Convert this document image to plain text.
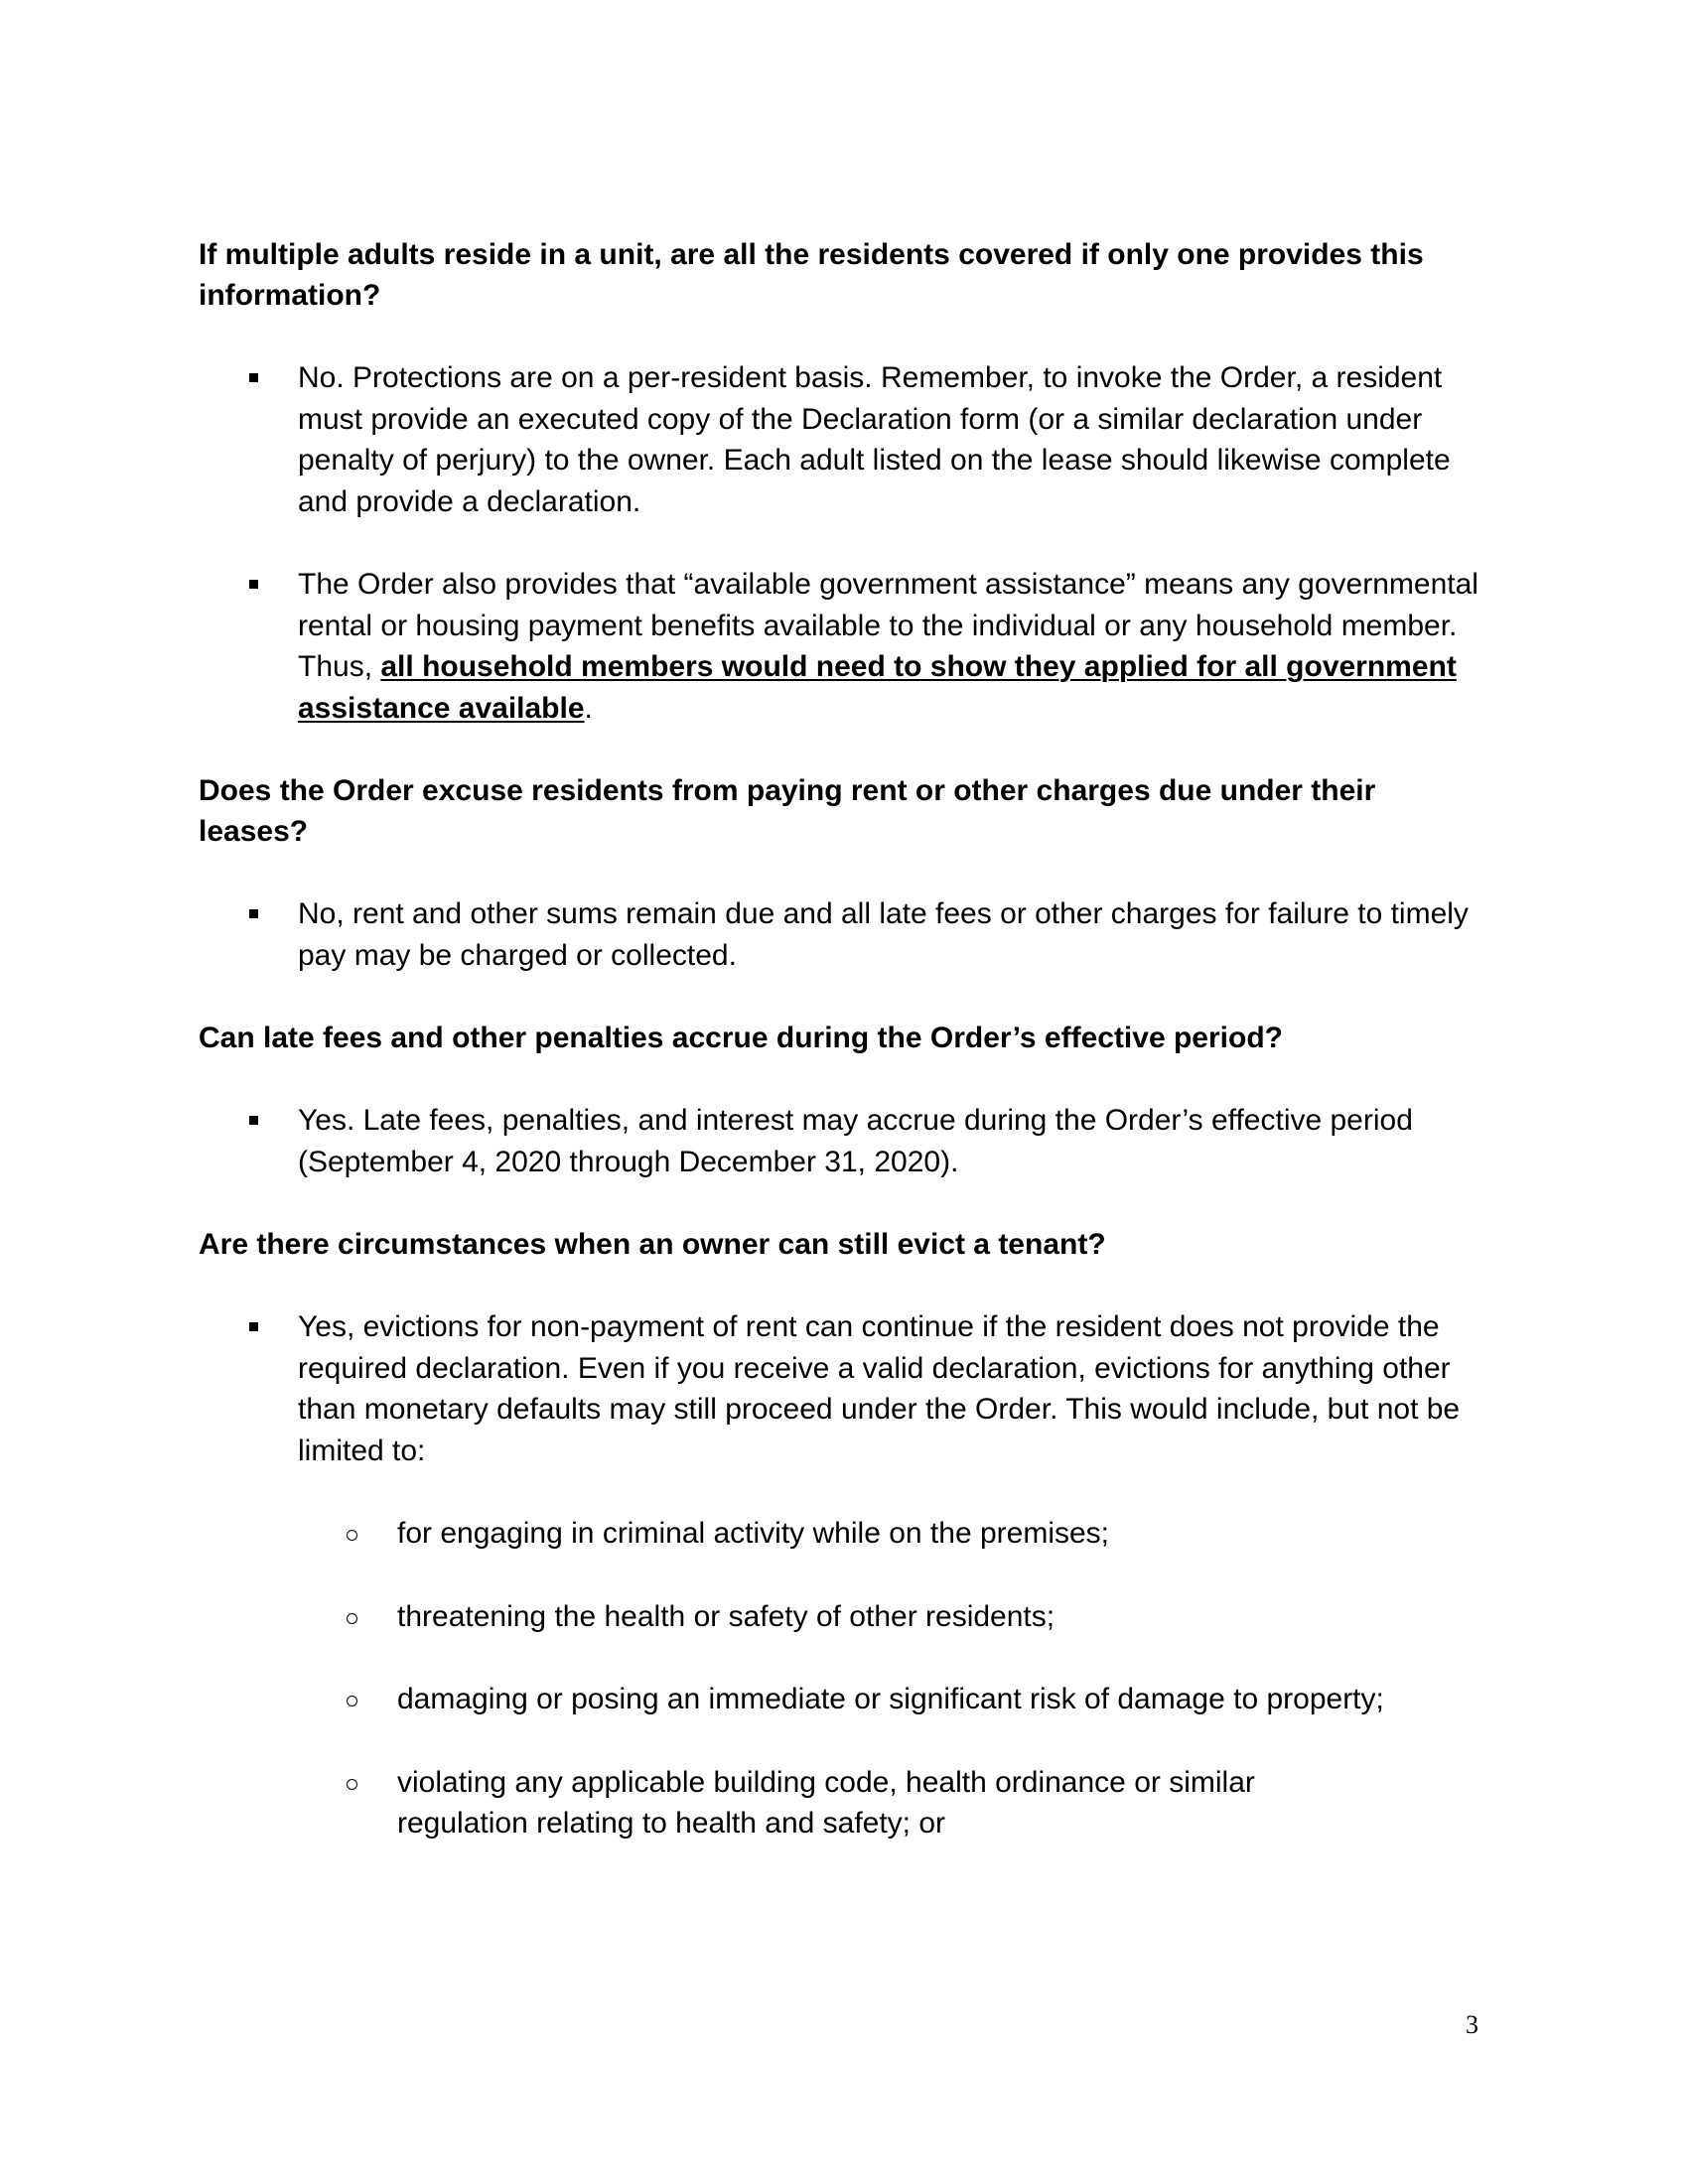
If multiple adults reside in a unit, are all the residents covered if only one provides this information?
No. Protections are on a per-resident basis. Remember, to invoke the Order, a resident must provide an executed copy of the Declaration form (or a similar declaration under penalty of perjury) to the owner. Each adult listed on the lease should likewise complete and provide a declaration.
The Order also provides that “available government assistance” means any governmental rental or housing payment benefits available to the individual or any household member. Thus, all household members would need to show they applied for all government assistance available.
Does the Order excuse residents from paying rent or other charges due under their leases?
No, rent and other sums remain due and all late fees or other charges for failure to timely pay may be charged or collected.
Can late fees and other penalties accrue during the Order’s effective period?
Yes. Late fees, penalties, and interest may accrue during the Order’s effective period (September 4, 2020 through December 31, 2020).
Are there circumstances when an owner can still evict a tenant?
Yes, evictions for non-payment of rent can continue if the resident does not provide the required declaration. Even if you receive a valid declaration, evictions for anything other than monetary defaults may still proceed under the Order. This would include, but not be limited to:
for engaging in criminal activity while on the premises;
threatening the health or safety of other residents;
damaging or posing an immediate or significant risk of damage to property;
violating any applicable building code, health ordinance or similar regulation relating to health and safety; or
3
